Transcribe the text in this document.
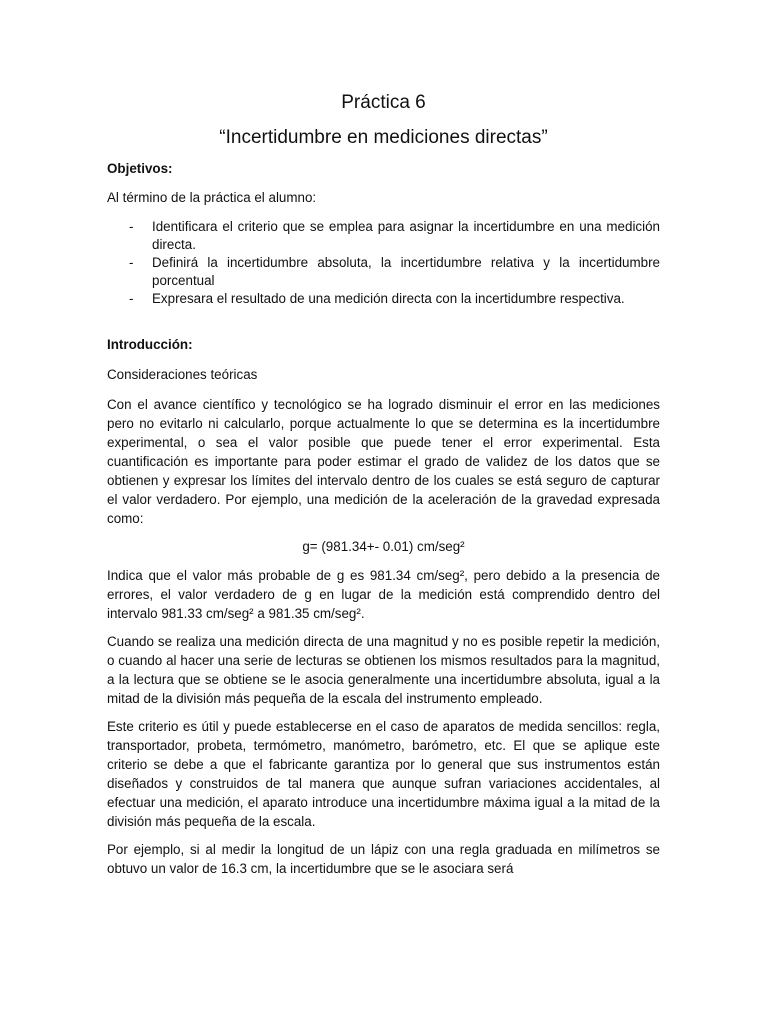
Práctica 6
“Incertidumbre en mediciones directas”
Objetivos:

Al término de la práctica el alumno:

- Identificara el criterio que se emplea para asignar la incertidumbre en una medición directa.
- Definirá la incertidumbre absoluta, la incertidumbre relativa y la incertidumbre porcentual
- Expresara el resultado de una medición directa con la incertidumbre respectiva.
Introducción:

Consideraciones teóricas

Con el avance científico y tecnológico se ha logrado disminuir el error en las mediciones pero no evitarlo ni calcularlo, porque actualmente lo que se determina es la incertidumbre experimental, o sea el valor posible que puede tener el error experimental. Esta cuantificación es importante para poder estimar el grado de validez de los datos que se obtienen y expresar los límites del intervalo dentro de los cuales se está seguro de capturar el valor verdadero. Por ejemplo, una medición de la aceleración de la gravedad expresada como:

g= (981.34+- 0.01) cm/seg²

Indica que el valor más probable de g es 981.34 cm/seg², pero debido a la presencia de errores, el valor verdadero de g en lugar de la medición está comprendido dentro del intervalo 981.33 cm/seg² a 981.35 cm/seg².

Cuando se realiza una medición directa de una magnitud y no es posible repetir la medición, o cuando al hacer una serie de lecturas se obtienen los mismos resultados para la magnitud, a la lectura que se obtiene se le asocia generalmente una incertidumbre absoluta, igual a la mitad de la división más pequeña de la escala del instrumento empleado.

Este criterio es útil y puede establecerse en el caso de aparatos de medida sencillos: regla, transportador, probeta, termómetro, manómetro, barómetro, etc. El que se aplique este criterio se debe a que el fabricante garantiza por lo general que sus instrumentos están diseñados y construidos de tal manera que aunque sufran variaciones accidentales, al efectuar una medición, el aparato introduce una incertidumbre máxima igual a la mitad de la división más pequeña de la escala.

Por ejemplo, si al medir la longitud de un lápiz con una regla graduada en milímetros se obtuvo un valor de 16.3 cm, la incertidumbre que se le asociara será
